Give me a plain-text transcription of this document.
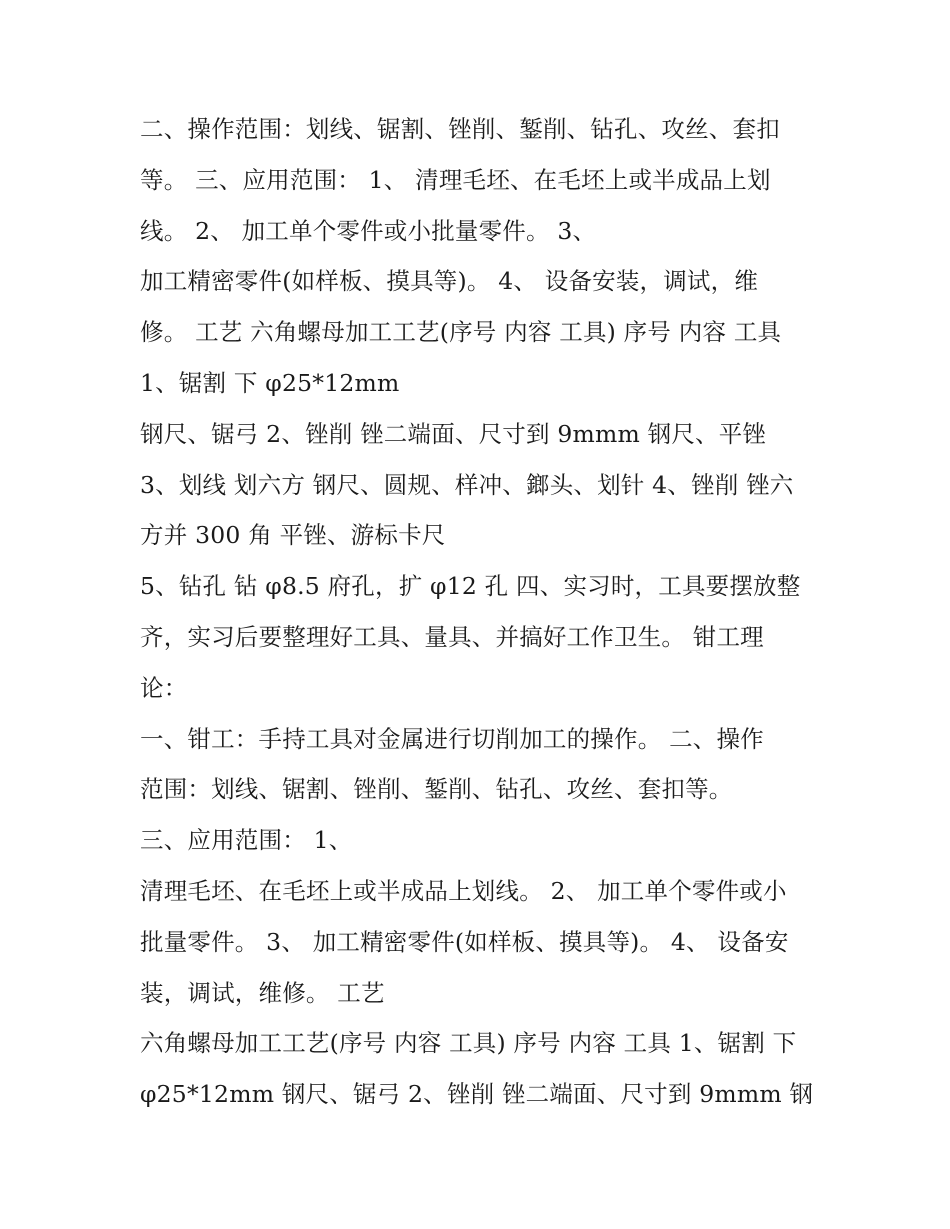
二、操作范围：划线、锯割、锉削、錾削、钻孔、攻丝、套扣
等。 三、应用范围： 1、 清理毛坯、在毛坯上或半成品上划
线。 2、 加工单个零件或小批量零件。 3、
加工精密零件(如样板、摸具等)。 4、 设备安装，调试，维
修。 工艺 六角螺母加工工艺(序号 内容 工具) 序号 内容 工具
1、锯割 下 φ25*12mm
钢尺、锯弓 2、锉削 锉二端面、尺寸到 9mmm 钢尺、平锉
3、划线 划六方 钢尺、圆规、样冲、鎯头、划针 4、锉削 锉六
方并 300 角 平锉、游标卡尺
5、钻孔 钻 φ8.5 府孔，扩 φ12 孔 四、实习时，工具要摆放整
齐，实习后要整理好工具、量具、并搞好工作卫生。 钳工理
论：
一、钳工：手持工具对金属进行切削加工的操作。 二、操作
范围：划线、锯割、锉削、錾削、钻孔、攻丝、套扣等。
三、应用范围： 1、
清理毛坯、在毛坯上或半成品上划线。 2、 加工单个零件或小
批量零件。 3、 加工精密零件(如样板、摸具等)。 4、 设备安
装，调试，维修。 工艺
六角螺母加工工艺(序号 内容 工具) 序号 内容 工具 1、锯割 下
φ25*12mm 钢尺、锯弓 2、锉削 锉二端面、尺寸到 9mmm 钢
